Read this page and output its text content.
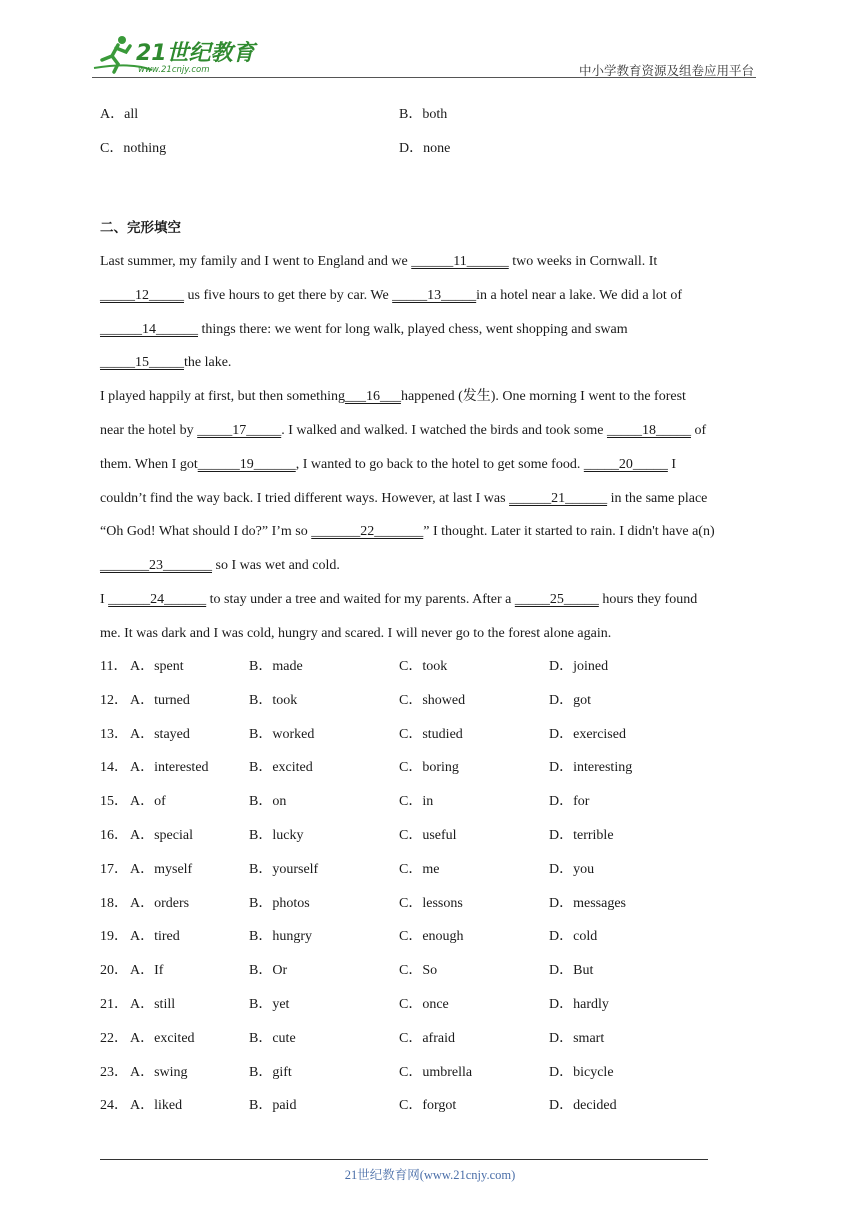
21世纪教育
www.21cnjy.com	中小学教育资源及组卷应用平台
A．all	B．both
C．nothing	D．none
二、完形填空
Last summer, my family and I went to England and we ______11______ two weeks in Cornwall. It
_____12_____ us five hours to get there by car. We _____13_____in a hotel near a lake. We did a lot of
______14______ things there: we went for long walk, played chess, went shopping and swam
_____15_____the lake.
I played happily at first, but then something___16___happened (发生). One morning I went to the forest
near the hotel by _____17_____. I walked and walked. I watched the birds and took some _____18_____ of
them. When I got______19______, I wanted to go back to the hotel to get some food. _____20_____ I
couldn’t find the way back. I tried different ways. However, at last I was ______21______ in the same place
“Oh God! What should I do?” I’m so _______22_______” I thought. Later it started to rain. I didn't have a(n)
_______23_______ so I was wet and cold.
I ______24______ to stay under a tree and waited for my parents. After a _____25_____ hours they found
me. It was dark and I was cold, hungry and scared. I will never go to the forest alone again.
11． A．spent	B．made	C．took	D．joined
12． A．turned	B．took	C．showed	D．got
13． A．stayed	B．worked	C．studied	D．exercised
14． A．interested	B．excited	C．boring	D．interesting
15． A．of	B．on	C．in	D．for
16． A．special	B．lucky	C．useful	D．terrible
17． A．myself	B．yourself	C．me	D．you
18． A．orders	B．photos	C．lessons	D．messages
19． A．tired	B．hungry	C．enough	D．cold
20． A．If	B．Or	C．So	D．But
21． A．still	B．yet	C．once	D．hardly
22． A．excited	B．cute	C．afraid	D．smart
23． A．swing	B．gift	C．umbrella	D．bicycle
24． A．liked	B．paid	C．forgot	D．decided
21世纪教育网(www.21cnjy.com)
